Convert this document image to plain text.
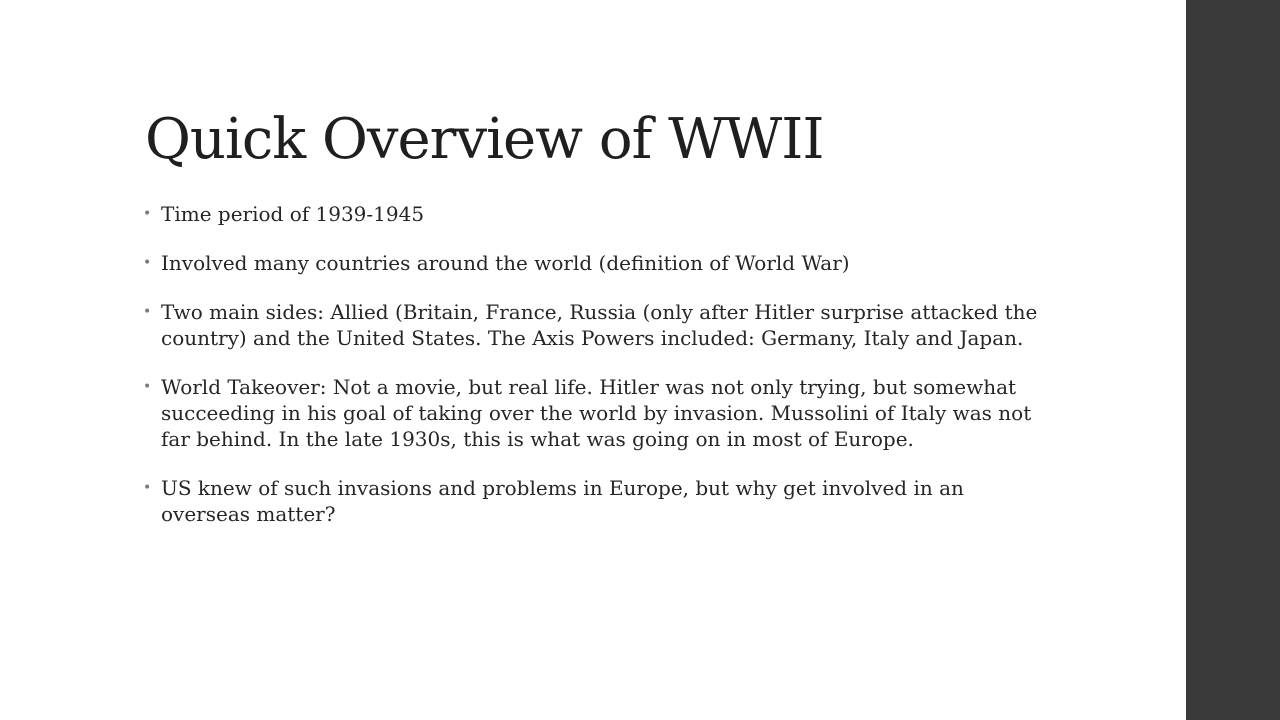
Quick Overview of WWII
• Time period of 1939-1945
• Involved many countries around the world (definition of World War)
• Two main sides: Allied (Britain, France, Russia (only after Hitler surprise attacked the country) and the United States. The Axis Powers included: Germany, Italy and Japan.
• World Takeover: Not a movie, but real life. Hitler was not only trying, but somewhat succeeding in his goal of taking over the world by invasion. Mussolini of Italy was not far behind. In the late 1930s, this is what was going on in most of Europe.
• US knew of such invasions and problems in Europe, but why get involved in an overseas matter?
